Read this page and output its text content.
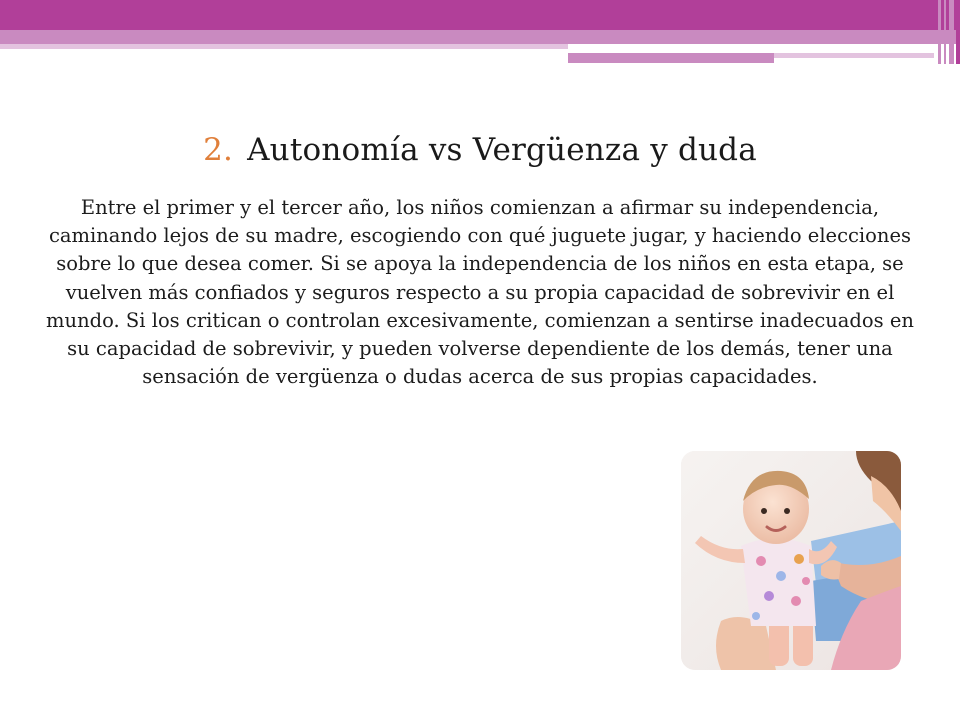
2. Autonomía vs Vergüenza y duda
Entre el primer y el tercer año, los niños comienzan a afirmar su independencia, caminando lejos de su madre, escogiendo con qué juguete jugar, y haciendo elecciones sobre lo que desea comer. Si se apoya la independencia de los niños en esta etapa, se vuelven más confiados y seguros respecto a su propia capacidad de sobrevivir en el mundo. Si los critican o controlan excesivamente, comienzan a sentirse inadecuados en su capacidad de sobrevivir, y pueden volverse dependiente de los demás, tener una sensación de vergüenza o dudas acerca de sus propias capacidades.
